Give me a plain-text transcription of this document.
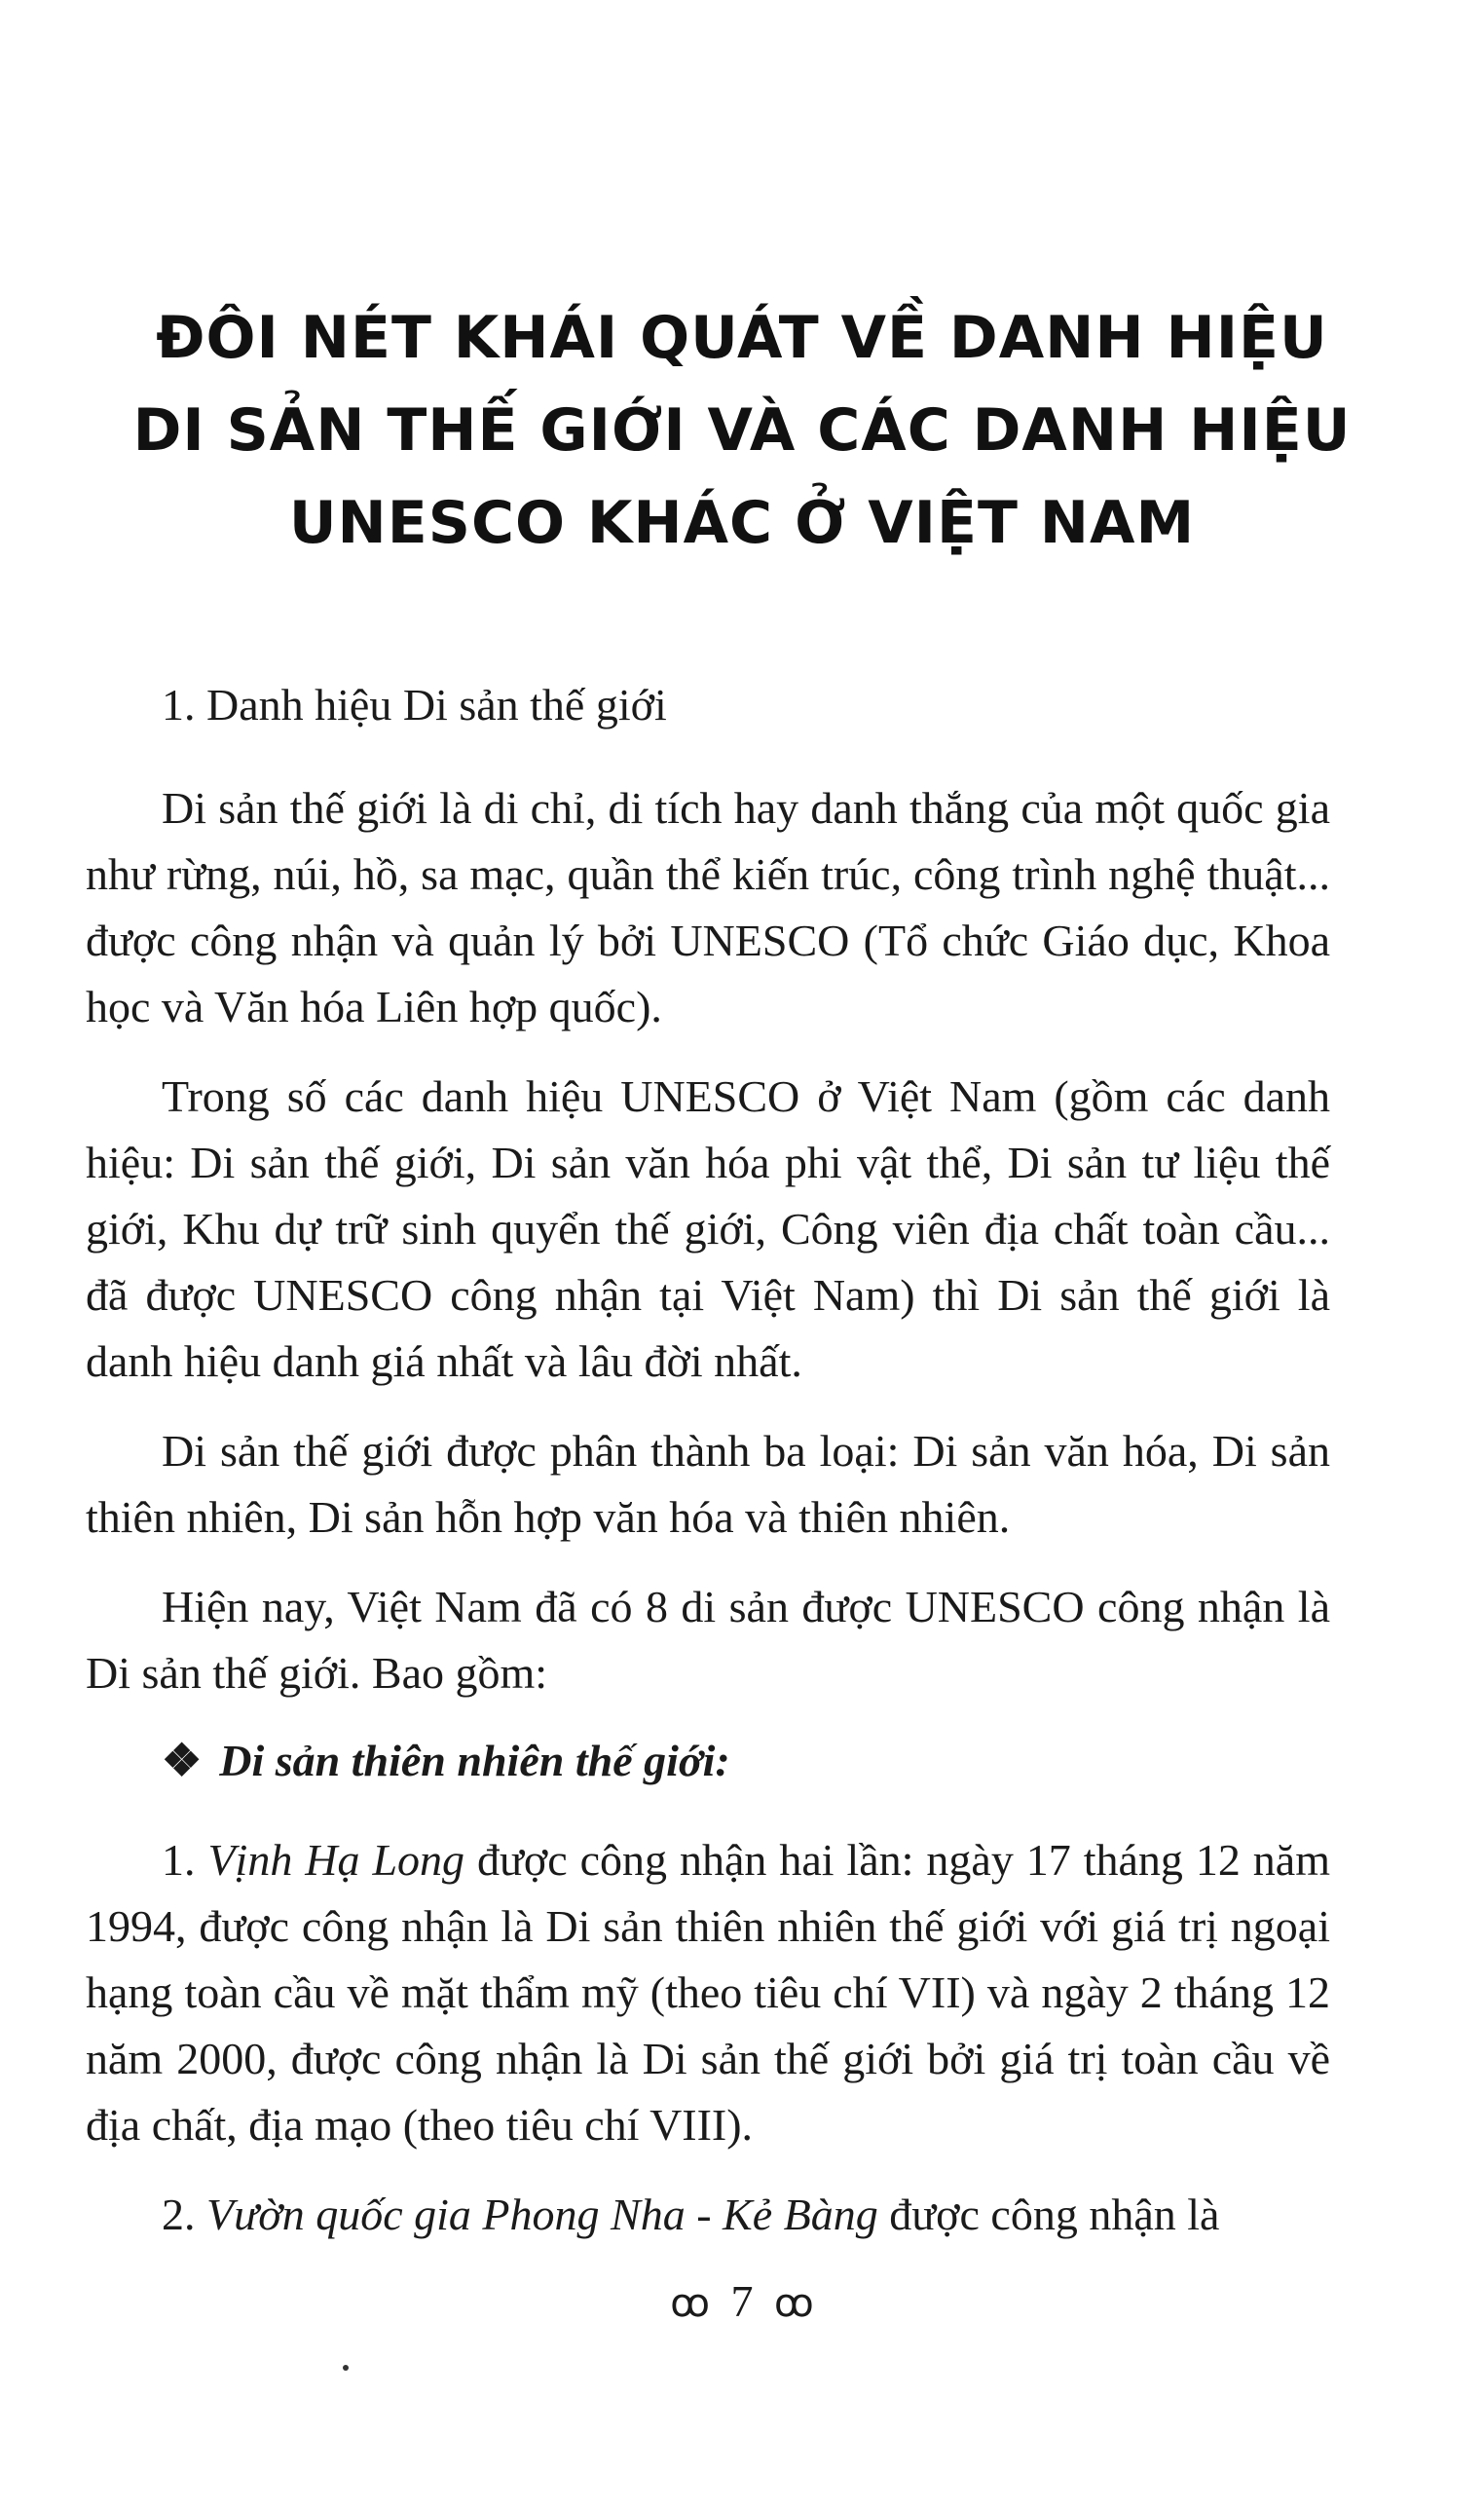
ĐÔI NÉT KHÁI QUÁT VỀ DANH HIỆU
DI SẢN THẾ GIỚI VÀ CÁC DANH HIỆU
UNESCO KHÁC Ở VIỆT NAM

1. Danh hiệu Di sản thế giới

Di sản thế giới là di chỉ, di tích hay danh thắng của một quốc gia như rừng, núi, hồ, sa mạc, quần thể kiến trúc, công trình nghệ thuật... được công nhận và quản lý bởi UNESCO (Tổ chức Giáo dục, Khoa học và Văn hóa Liên hợp quốc).

Trong số các danh hiệu UNESCO ở Việt Nam (gồm các danh hiệu: Di sản thế giới, Di sản văn hóa phi vật thể, Di sản tư liệu thế giới, Khu dự trữ sinh quyển thế giới, Công viên địa chất toàn cầu... đã được UNESCO công nhận tại Việt Nam) thì Di sản thế giới là danh hiệu danh giá nhất và lâu đời nhất.

Di sản thế giới được phân thành ba loại: Di sản văn hóa, Di sản thiên nhiên, Di sản hỗn hợp văn hóa và thiên nhiên.

Hiện nay, Việt Nam đã có 8 di sản được UNESCO công nhận là Di sản thế giới. Bao gồm:

❖ Di sản thiên nhiên thế giới:

1. Vịnh Hạ Long được công nhận hai lần: ngày 17 tháng 12 năm 1994, được công nhận là Di sản thiên nhiên thế giới với giá trị ngoại hạng toàn cầu về mặt thẩm mỹ (theo tiêu chí VII) và ngày 2 tháng 12 năm 2000, được công nhận là Di sản thế giới bởi giá trị toàn cầu về địa chất, địa mạo (theo tiêu chí VIII).

2. Vườn quốc gia Phong Nha - Kẻ Bàng được công nhận là

ꝏ 7 ꝏ
